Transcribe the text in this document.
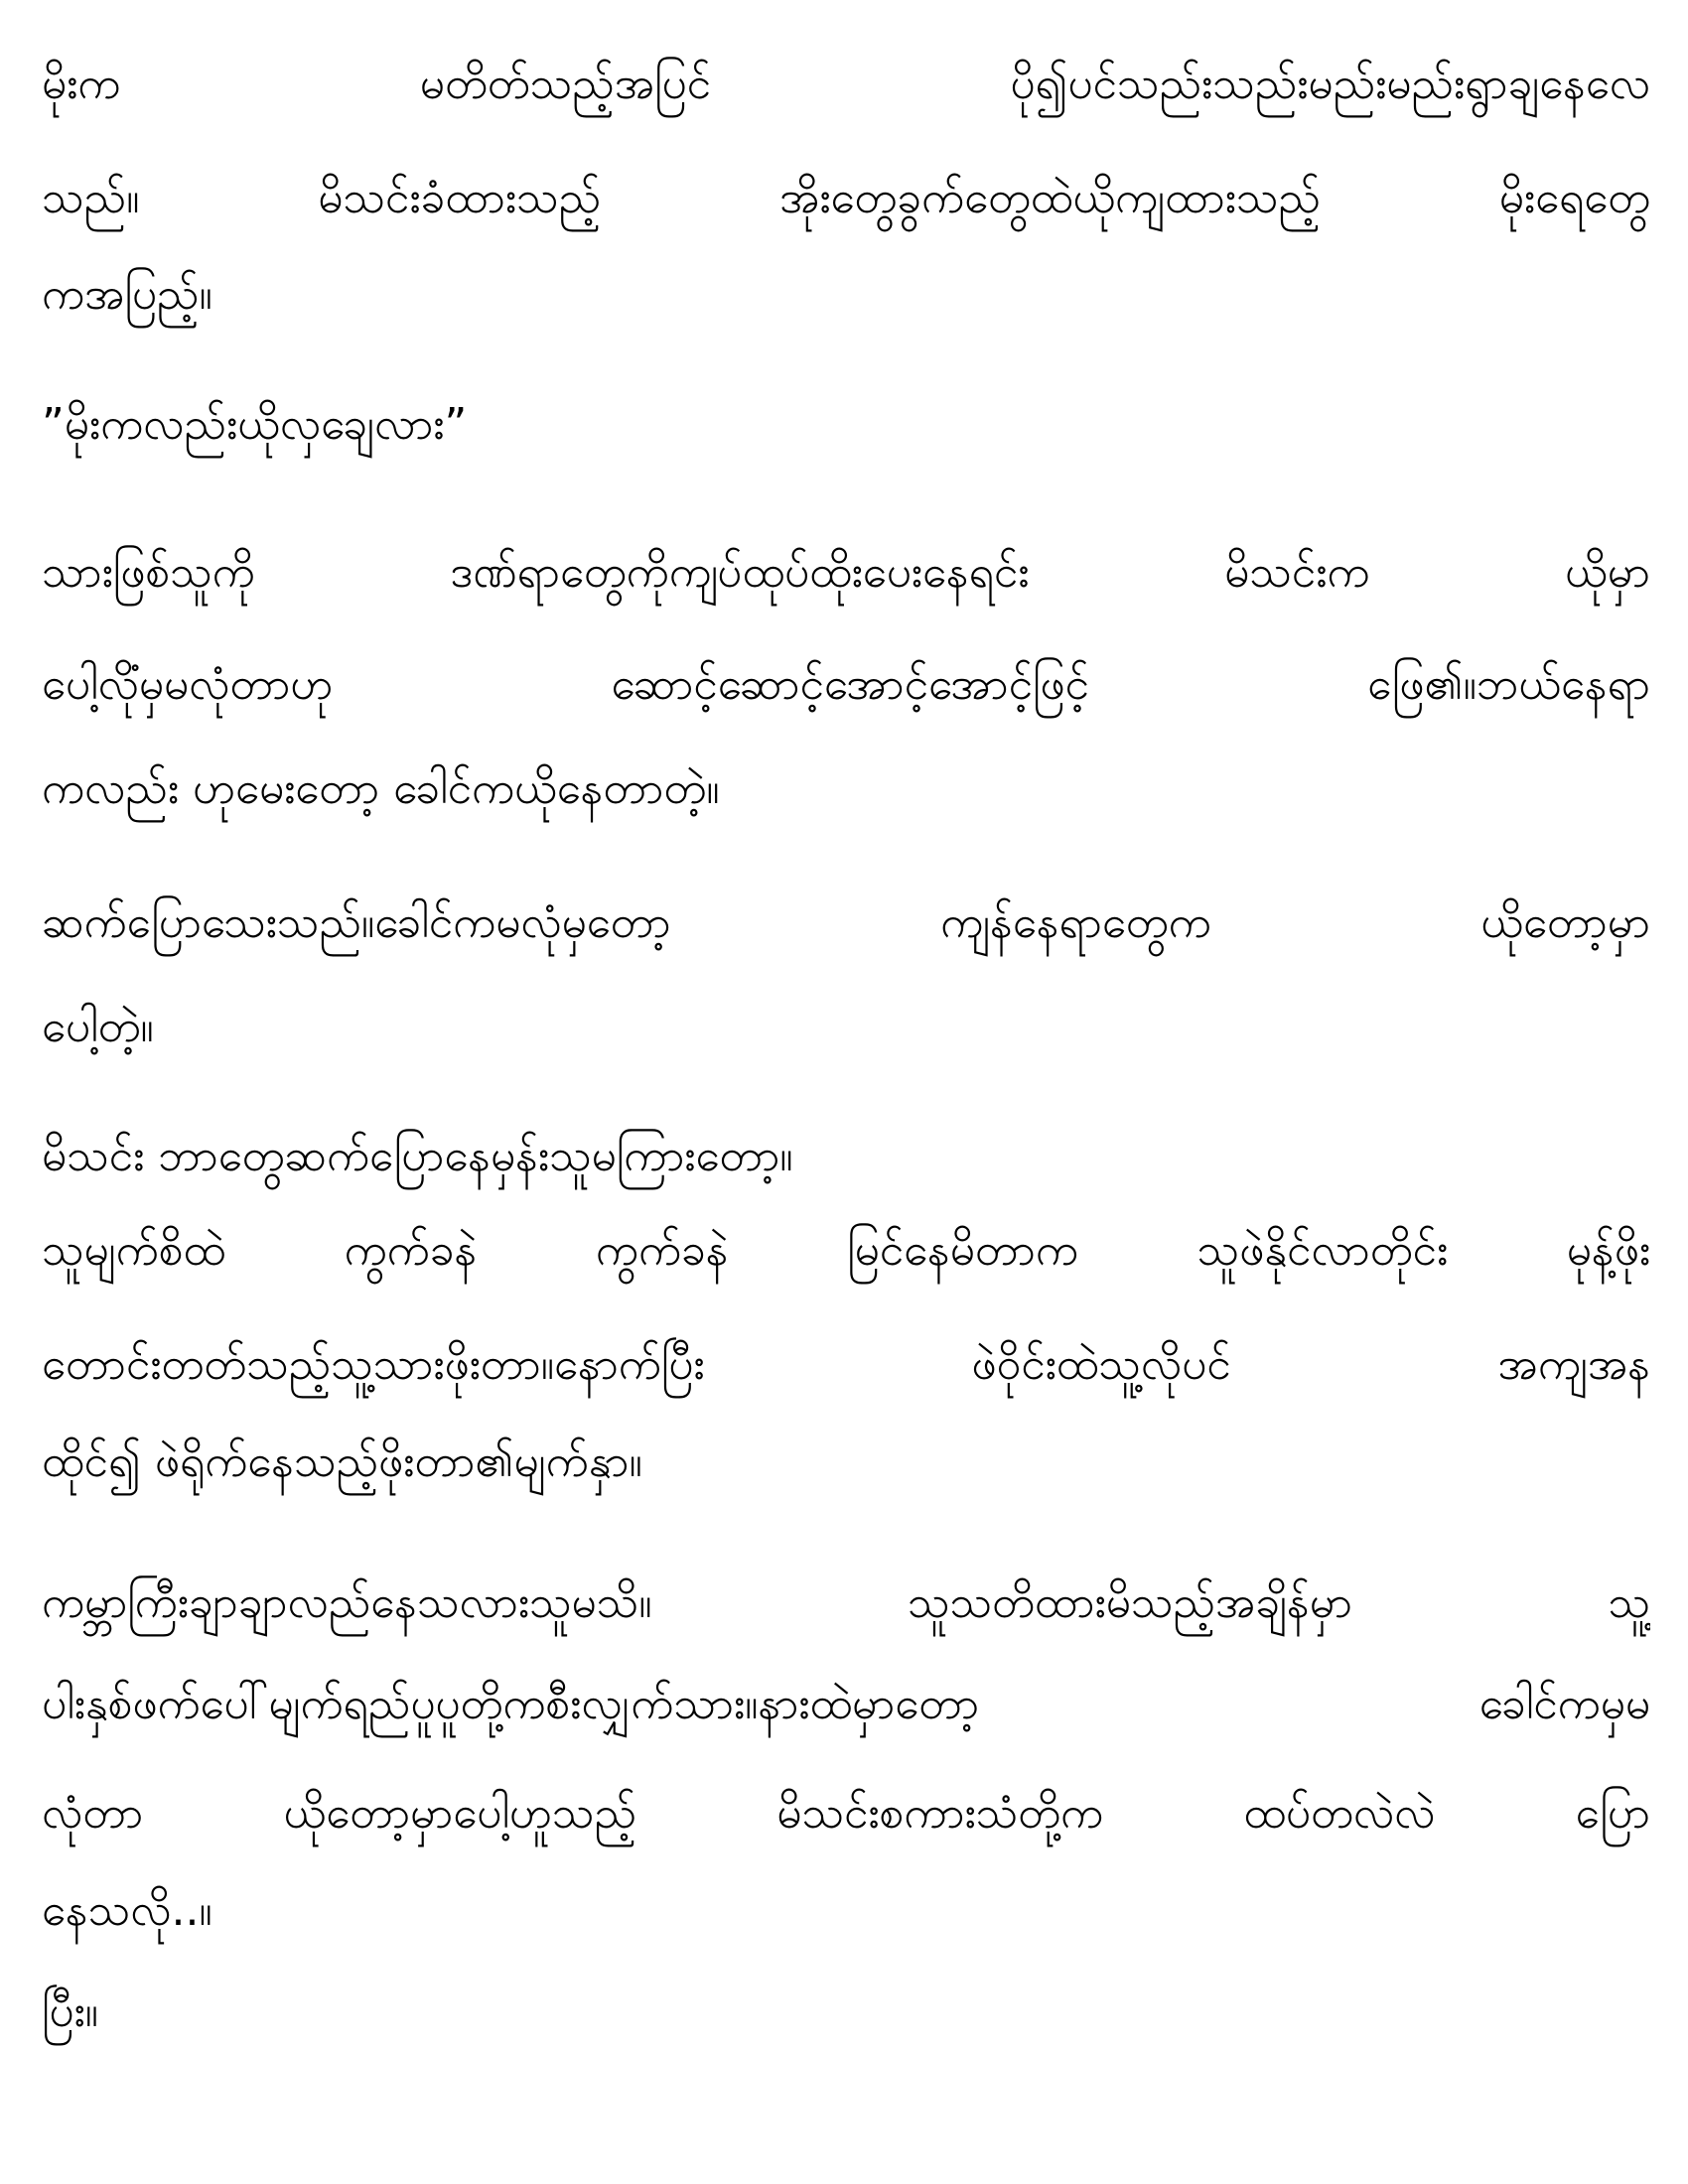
မိုးက မတိတ်သည့်အပြင် ပို၍ပင်သည်းသည်းမည်းမည်းရွာချနေလေ
သည်။ မိသင်းခံထားသည့် အိုးတွေခွက်တွေထဲယိုကျထားသည့် မိုးရေတွေ
ကအပြည့်။
”မိုးကလည်းယိုလှချေလား”
သားဖြစ်သူကို ဒဏ်ရာတွေကိုကျပ်ထုပ်ထိုးပေးနေရင်း မိသင်းက ယိုမှာ
ပေါ့လိုံမှမလုံတာဟု ဆောင့်ဆောင့်အောင့်အောင့်ဖြင့် ဖြေ၏။ဘယ်နေရာ
ကလည်း ဟုမေးတော့ ခေါင်ကယိုနေတာတဲ့။
ဆက်ပြောသေးသည်။ခေါင်ကမလုံမှတော့ ကျန်နေရာတွေက ယိုတော့မှာ
ပေါ့တဲ့။
မိသင်း ဘာတွေဆက်ပြောနေမှန်းသူမကြားတော့။
သူမျက်စိထဲ ကွက်ခနဲ ကွက်ခနဲ မြင်နေမိတာက သူဖဲနိုင်လာတိုင်း မုန့်ဖိုး
တောင်းတတ်သည့်သူ့သားဖိုးတာ။နောက်ပြီး ဖဲဝိုင်းထဲသူ့လိုပင် အကျအန
ထိုင်၍ ဖဲရိုက်နေသည့်ဖိုးတာ၏မျက်နှာ။
ကမ္ဘာကြီးချာချာလည်နေသလားသူမသိ။ သူသတိထားမိသည့်အချိန်မှာ သူ့
ပါးနှစ်ဖက်ပေါ်မျက်ရည်ပူပူတို့ကစီးလျှက်သား။နားထဲမှာတော့ ခေါင်ကမှမ
လုံတာ ယိုတော့မှာပေါ့ဟူသည့် မိသင်းစကားသံတို့က ထပ်တလဲလဲ ပြော
နေသလို..။
ပြီး။
